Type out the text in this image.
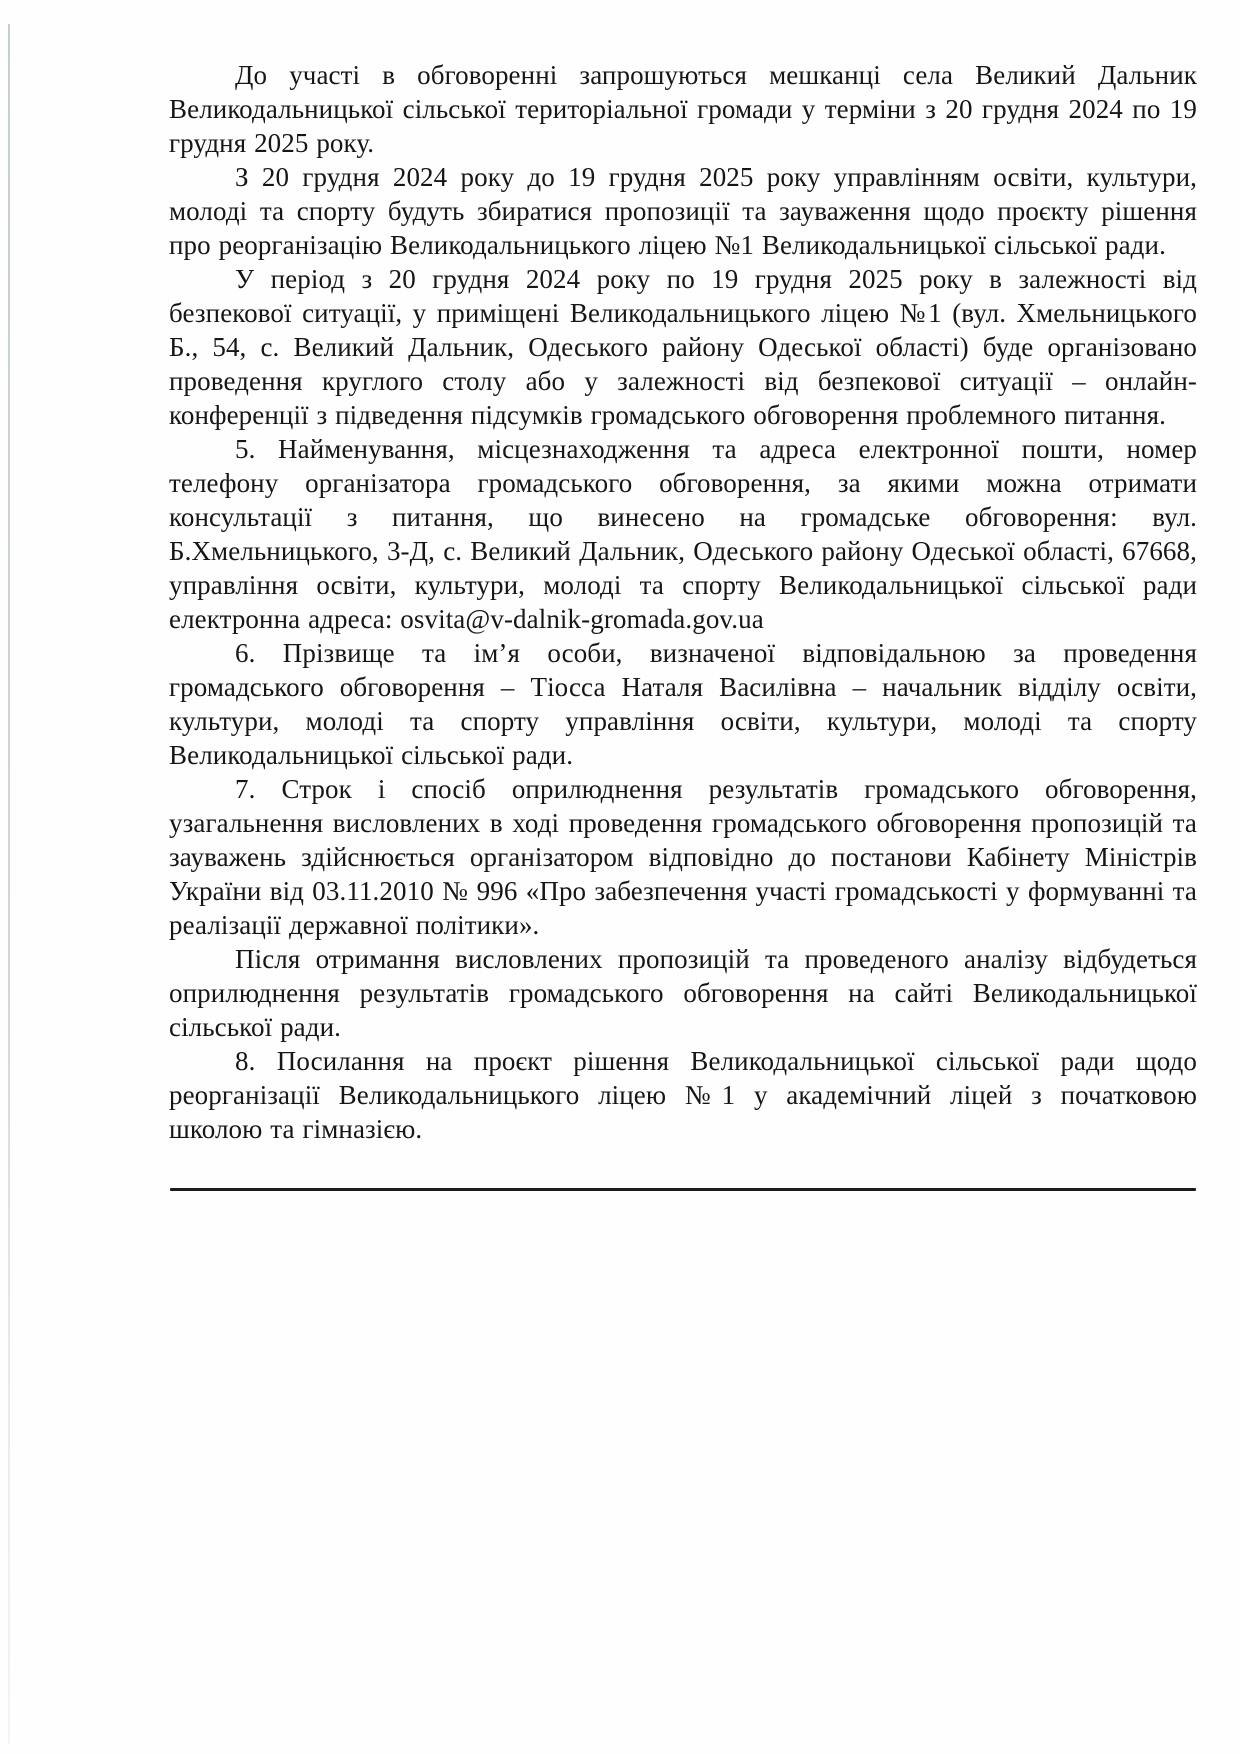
До участі в обговоренні запрошуються мешканці села Великий Дальник Великодальницької сільської територіальної громади у терміни з 20 грудня 2024 по 19 грудня 2025 року.

З 20 грудня 2024 року до 19 грудня 2025 року управлінням освіти, культури, молоді та спорту будуть збиратися пропозиції та зауваження щодо проєкту рішення про реорганізацію Великодальницького ліцею №1 Великодальницької сільської ради.

У період з 20 грудня 2024 року по 19 грудня 2025 року в залежності від безпекової ситуації, у приміщені Великодальницького ліцею №1 (вул. Хмельницького Б., 54, с. Великий Дальник, Одеського району Одеської області) буде організовано проведення круглого столу або у залежності від безпекової ситуації – онлайн-конференції з підведення підсумків громадського обговорення проблемного питання.

5. Найменування, місцезнаходження та адреса електронної пошти, номер телефону організатора громадського обговорення, за якими можна отримати консультації з питання, що винесено на громадське обговорення: вул. Б.Хмельницького, 3-Д, с. Великий Дальник, Одеського району Одеської області, 67668, управління освіти, культури, молоді та спорту Великодальницької сільської ради електронна адреса: osvita@v-dalnik-gromada.gov.ua

6. Прізвище та ім’я особи, визначеної відповідальною за проведення громадського обговорення – Тіосса Наталя Василівна – начальник відділу освіти, культури, молоді та спорту управління освіти, культури, молоді та спорту Великодальницької сільської ради.

7. Строк і спосіб оприлюднення результатів громадського обговорення, узагальнення висловлених в ході проведення громадського обговорення пропозицій та зауважень здійснюється організатором відповідно до постанови Кабінету Міністрів України від 03.11.2010 № 996 «Про забезпечення участі громадськості у формуванні та реалізації державної політики».

Після отримання висловлених пропозицій та проведеного аналізу відбудеться оприлюднення результатів громадського обговорення на сайті Великодальницької сільської ради.

8. Посилання на проєкт рішення Великодальницької сільської ради щодо реорганізації Великодальницького ліцею №1 у академічний ліцей з початковою школою та гімназією.
